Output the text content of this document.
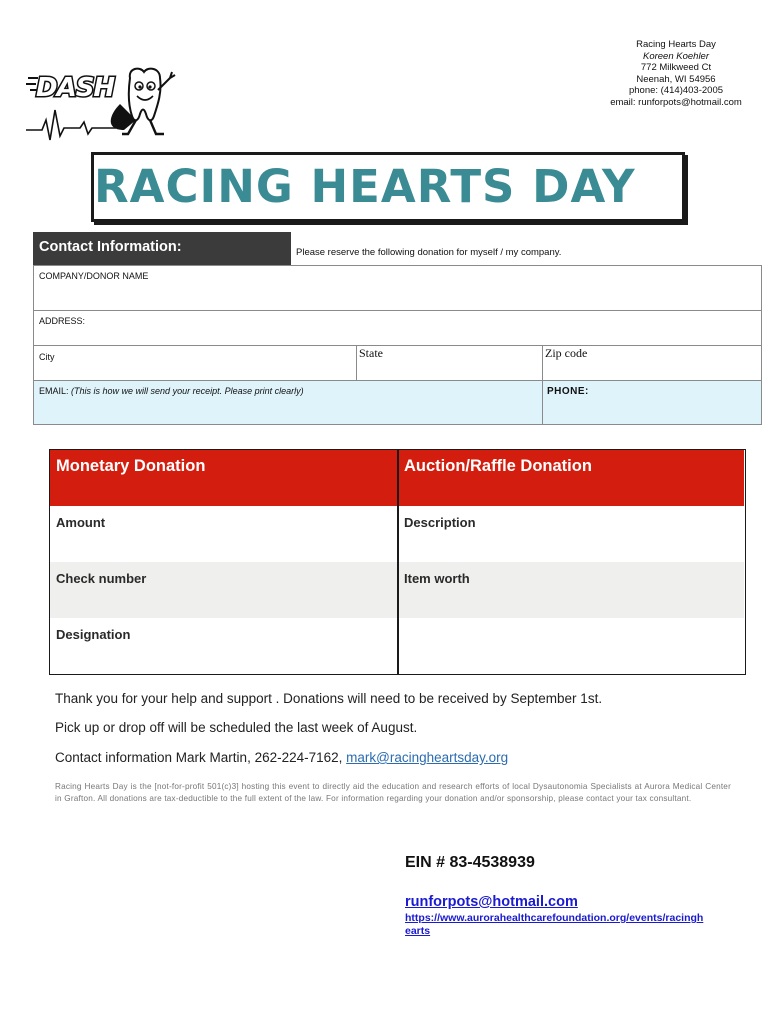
Racing Hearts Day
Koreen Koehler
772 Milkweed Ct
Neenah, WI 54956
phone: (414)403-2005
email: runforpots@hotmail.com
DASH
RACING HEARTS DAY
Contact Information:	Please reserve the following donation for myself / my company.
COMPANY/DONOR NAME
ADDRESS:
City	State	Zip code
EMAIL: (This is how we will send your receipt. Please print clearly)	PHONE:
Monetary Donation	Auction/Raffle Donation
Amount	Description
Check number	Item worth
Designation
Thank you for your help and support . Donations will need to be received by September 1st.
Pick up or drop off will be scheduled the last week of August.
Contact information Mark Martin, 262-224-7162, mark@racingheartsday.org
Racing Hearts Day is the [not-for-profit 501(c)3] hosting this event to directly aid the education and research efforts of local Dysautonomia Specialists at Aurora Medical Center in Grafton. All donations are tax-deductible to the full extent of the law. For information regarding your donation and/or sponsorship, please contact your tax consultant.
EIN # 83-4538939
runforpots@hotmail.com
https://www.aurorahealthcarefoundation.org/events/racinghearts
